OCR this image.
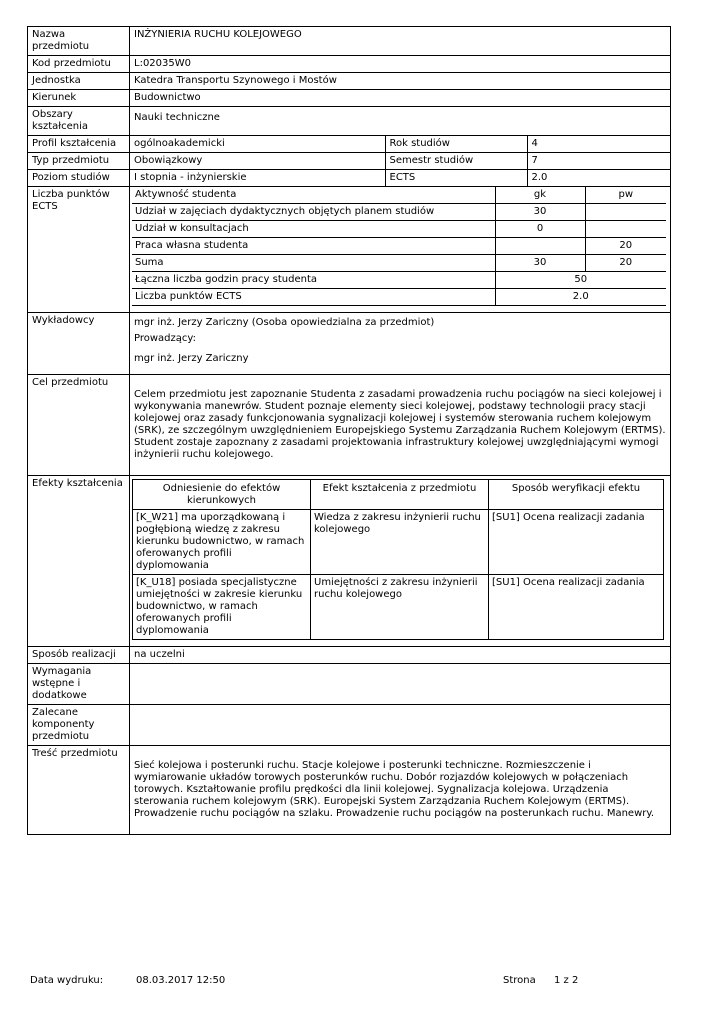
Nazwa przedmiotu	INŻYNIERIA RUCHU KOLEJOWEGO
Kod przedmiotu	L:02035W0
Jednostka	Katedra Transportu Szynowego i Mostów
Kierunek	Budownictwo
Obszary kształcenia	Nauki techniczne
Profil kształcenia	ogólnoakademicki	Rok studiów	4

Typ przedmiotu	Obowiązkowy	Semestr studiów	7

Poziom studiów	I stopnia - inżynierskie	ECTS	2.0

Liczba punktów ECTS	
Aktywność studenta	gk	pw
Udział w zajęciach dydaktycznych objętych planem studiów	30	
Udział w konsultacjach	0	
Praca własna studenta		20
Suma	30	20
Łączna liczba godzin pracy studenta	50
Liczba punktów ECTS	2.0

Wykładowcy	mgr inż. Jerzy Zariczny (Osoba opowiedzialna za przedmiot)
Prowadzący:
mgr inż. Jerzy Zariczny

Cel przedmiotu	Celem przedmiotu jest zapoznanie Studenta z zasadami prowadzenia ruchu pociągów na sieci kolejowej i wykonywania manewrów. Student poznaje elementy sieci kolejowej, podstawy technologii pracy stacji kolejowej oraz zasady funkcjonowania sygnalizacji kolejowej i systemów sterowania ruchem kolejowym (SRK), ze szczególnym uwzględnieniem Europejskiego Systemu Zarządzania Ruchem Kolejowym (ERTMS). Student zostaje zapoznany z zasadami projektowania infrastruktury kolejowej uwzględniającymi wymogi inżynierii ruchu kolejowego.
Efekty kształcenia		Odniesienie do efektów kierunkowych	Efekt kształcenia z przedmiotu	Sposób weryfikacji efektu
[K_W21] ma uporządkowaną i pogłębioną wiedzę z zakresu kierunku budownictwo, w ramach oferowanych profili dyplomowania	Wiedza z zakresu inżynierii ruchu kolejowego	[SU1] Ocena realizacji zadania
[K_U18] posiada specjalistyczne umiejętności w zakresie kierunku budownictwo, w ramach oferowanych profili dyplomowania	Umiejętności z zakresu inżynierii ruchu kolejowego	[SU1] Ocena realizacji zadania

Sposób realizacji	na uczelni
Wymagania wstępne i dodatkowe	
Zalecane komponenty przedmiotu	
Treść przedmiotu	Sieć kolejowa i posterunki ruchu. Stacje kolejowe i posterunki techniczne. Rozmieszczenie i wymiarowanie układów torowych posterunków ruchu. Dobór rozjazdów kolejowych w połączeniach torowych. Kształtowanie profilu prędkości dla linii kolejowej. Sygnalizacja kolejowa. Urządzenia sterowania ruchem kolejowym (SRK). Europejski System Zarządzania Ruchem Kolejowym (ERTMS). Prowadzenie ruchu pociągów na szlaku. Prowadzenie ruchu pociągów na posterunkach ruchu. Manewry.
Data wydruku:	08.03.2017 12:50	Strona 1 z 2
